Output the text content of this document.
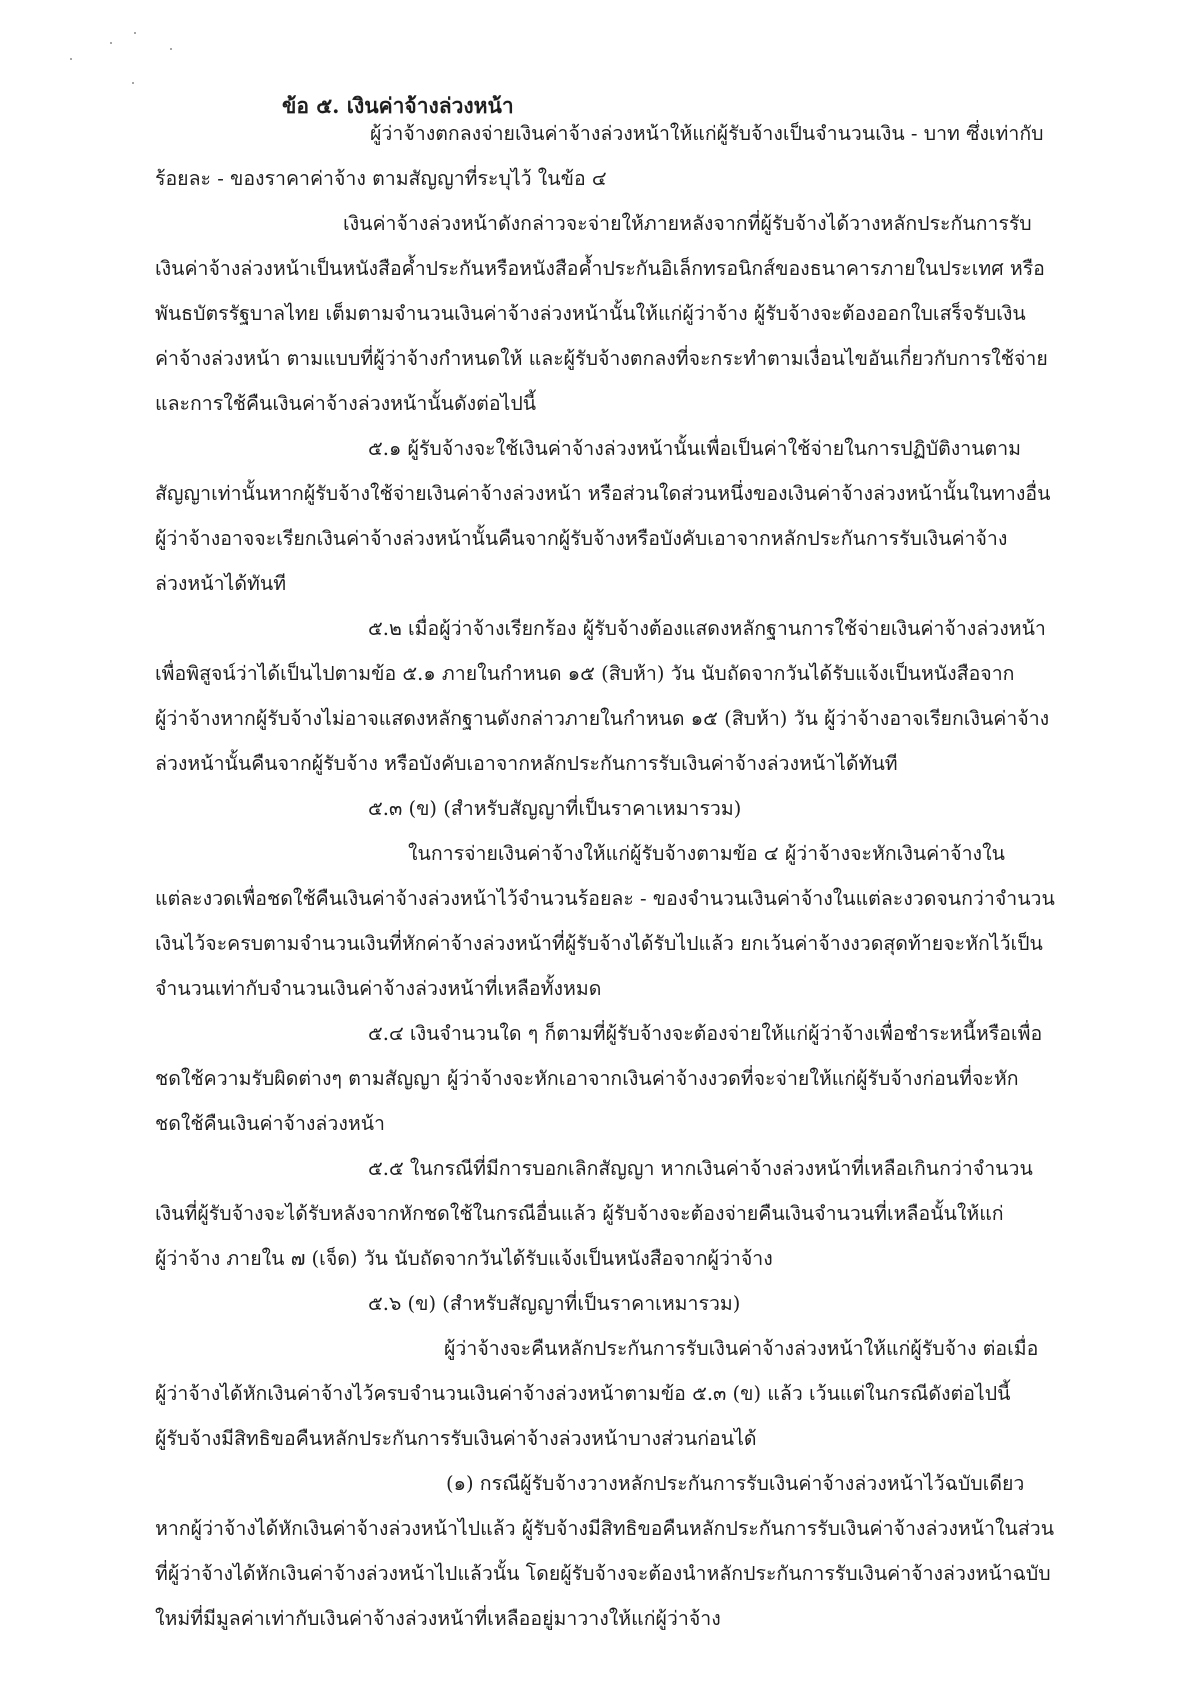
ข้อ ๕. เงินค่าจ้างล่วงหน้า
ผู้ว่าจ้างตกลงจ่ายเงินค่าจ้างล่วงหน้าให้แก่ผู้รับจ้างเป็นจำนวนเงิน - บาท ซึ่งเท่ากับ
ร้อยละ - ของราคาค่าจ้าง ตามสัญญาที่ระบุไว้ ในข้อ ๔
เงินค่าจ้างล่วงหน้าดังกล่าวจะจ่ายให้ภายหลังจากที่ผู้รับจ้างได้วางหลักประกันการรับ
เงินค่าจ้างล่วงหน้าเป็นหนังสือค้ำประกันหรือหนังสือค้ำประกันอิเล็กทรอนิกส์ของธนาคารภายในประเทศ หรือ
พันธบัตรรัฐบาลไทย เต็มตามจำนวนเงินค่าจ้างล่วงหน้านั้นให้แก่ผู้ว่าจ้าง ผู้รับจ้างจะต้องออกใบเสร็จรับเงิน
ค่าจ้างล่วงหน้า ตามแบบที่ผู้ว่าจ้างกำหนดให้ และผู้รับจ้างตกลงที่จะกระทำตามเงื่อนไขอันเกี่ยวกับการใช้จ่าย
และการใช้คืนเงินค่าจ้างล่วงหน้านั้นดังต่อไปนี้
๕.๑ ผู้รับจ้างจะใช้เงินค่าจ้างล่วงหน้านั้นเพื่อเป็นค่าใช้จ่ายในการปฏิบัติงานตาม
สัญญาเท่านั้นหากผู้รับจ้างใช้จ่ายเงินค่าจ้างล่วงหน้า หรือส่วนใดส่วนหนึ่งของเงินค่าจ้างล่วงหน้านั้นในทางอื่น
ผู้ว่าจ้างอาจจะเรียกเงินค่าจ้างล่วงหน้านั้นคืนจากผู้รับจ้างหรือบังคับเอาจากหลักประกันการรับเงินค่าจ้าง
ล่วงหน้าได้ทันที
๕.๒ เมื่อผู้ว่าจ้างเรียกร้อง ผู้รับจ้างต้องแสดงหลักฐานการใช้จ่ายเงินค่าจ้างล่วงหน้า
เพื่อพิสูจน์ว่าได้เป็นไปตามข้อ ๕.๑ ภายในกำหนด ๑๕ (สิบห้า) วัน นับถัดจากวันได้รับแจ้งเป็นหนังสือจาก
ผู้ว่าจ้างหากผู้รับจ้างไม่อาจแสดงหลักฐานดังกล่าวภายในกำหนด ๑๕ (สิบห้า) วัน ผู้ว่าจ้างอาจเรียกเงินค่าจ้าง
ล่วงหน้านั้นคืนจากผู้รับจ้าง หรือบังคับเอาจากหลักประกันการรับเงินค่าจ้างล่วงหน้าได้ทันที
๕.๓ (ข) (สำหรับสัญญาที่เป็นราคาเหมารวม)
ในการจ่ายเงินค่าจ้างให้แก่ผู้รับจ้างตามข้อ ๔ ผู้ว่าจ้างจะหักเงินค่าจ้างใน
แต่ละงวดเพื่อชดใช้คืนเงินค่าจ้างล่วงหน้าไว้จำนวนร้อยละ - ของจำนวนเงินค่าจ้างในแต่ละงวดจนกว่าจำนวน
เงินไว้จะครบตามจำนวนเงินที่หักค่าจ้างล่วงหน้าที่ผู้รับจ้างได้รับไปแล้ว ยกเว้นค่าจ้างงวดสุดท้ายจะหักไว้เป็น
จำนวนเท่ากับจำนวนเงินค่าจ้างล่วงหน้าที่เหลือทั้งหมด
๕.๔ เงินจำนวนใด ๆ ก็ตามที่ผู้รับจ้างจะต้องจ่ายให้แก่ผู้ว่าจ้างเพื่อชำระหนี้หรือเพื่อ
ชดใช้ความรับผิดต่างๆ ตามสัญญา ผู้ว่าจ้างจะหักเอาจากเงินค่าจ้างงวดที่จะจ่ายให้แก่ผู้รับจ้างก่อนที่จะหัก
ชดใช้คืนเงินค่าจ้างล่วงหน้า
๕.๕ ในกรณีที่มีการบอกเลิกสัญญา หากเงินค่าจ้างล่วงหน้าที่เหลือเกินกว่าจำนวน
เงินที่ผู้รับจ้างจะได้รับหลังจากหักชดใช้ในกรณีอื่นแล้ว ผู้รับจ้างจะต้องจ่ายคืนเงินจำนวนที่เหลือนั้นให้แก่
ผู้ว่าจ้าง ภายใน ๗ (เจ็ด) วัน นับถัดจากวันได้รับแจ้งเป็นหนังสือจากผู้ว่าจ้าง
๕.๖ (ข) (สำหรับสัญญาที่เป็นราคาเหมารวม)
ผู้ว่าจ้างจะคืนหลักประกันการรับเงินค่าจ้างล่วงหน้าให้แก่ผู้รับจ้าง ต่อเมื่อ
ผู้ว่าจ้างได้หักเงินค่าจ้างไว้ครบจำนวนเงินค่าจ้างล่วงหน้าตามข้อ ๕.๓ (ข) แล้ว เว้นแต่ในกรณีดังต่อไปนี้
ผู้รับจ้างมีสิทธิขอคืนหลักประกันการรับเงินค่าจ้างล่วงหน้าบางส่วนก่อนได้
(๑) กรณีผู้รับจ้างวางหลักประกันการรับเงินค่าจ้างล่วงหน้าไว้ฉบับเดียว
หากผู้ว่าจ้างได้หักเงินค่าจ้างล่วงหน้าไปแล้ว ผู้รับจ้างมีสิทธิขอคืนหลักประกันการรับเงินค่าจ้างล่วงหน้าในส่วน
ที่ผู้ว่าจ้างได้หักเงินค่าจ้างล่วงหน้าไปแล้วนั้น โดยผู้รับจ้างจะต้องนำหลักประกันการรับเงินค่าจ้างล่วงหน้าฉบับ
ใหม่ที่มีมูลค่าเท่ากับเงินค่าจ้างล่วงหน้าที่เหลืออยู่มาวางให้แก่ผู้ว่าจ้าง
